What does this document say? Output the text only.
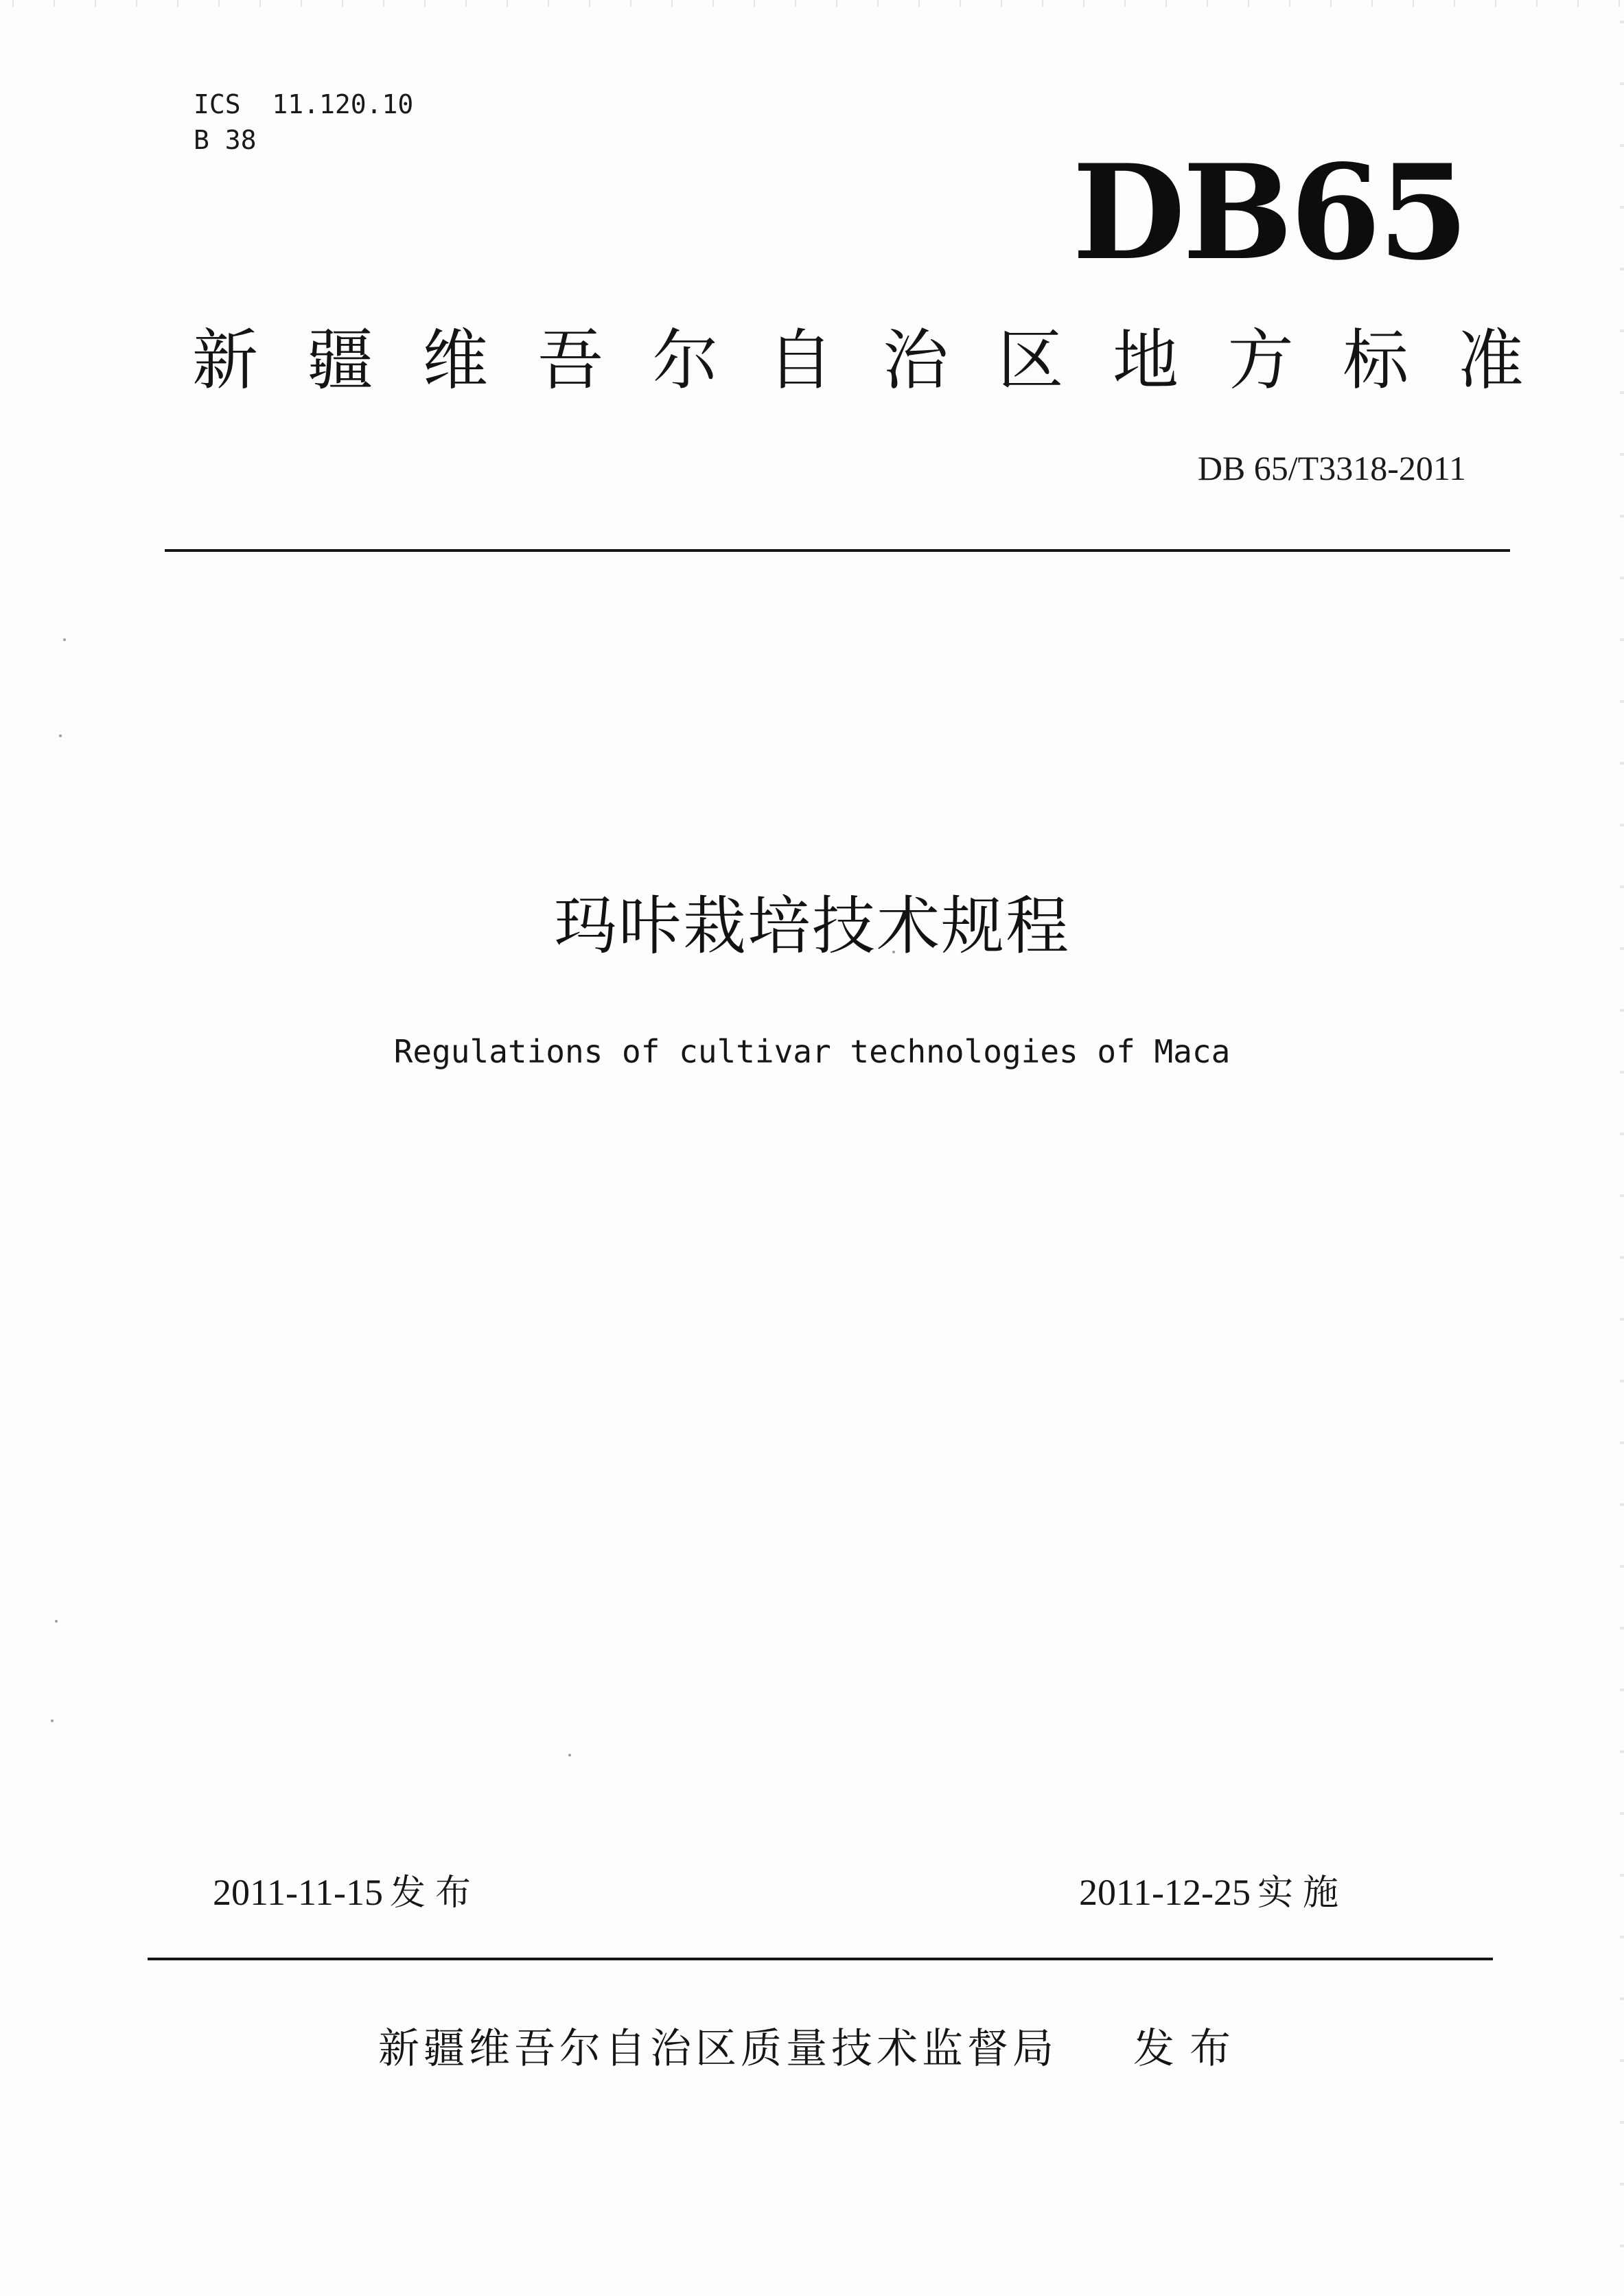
ICS  11.120.10
B 38	DB65
新 疆 维 吾 尔 自 治 区 地 方 标 准
DB 65/T3318-2011
玛咔栽培技术规程
Regulations of cultivar technologies of Maca
2011-11-15 发布	2011-12-25 实施
新疆维吾尔自治区质量技术监督局 发布
